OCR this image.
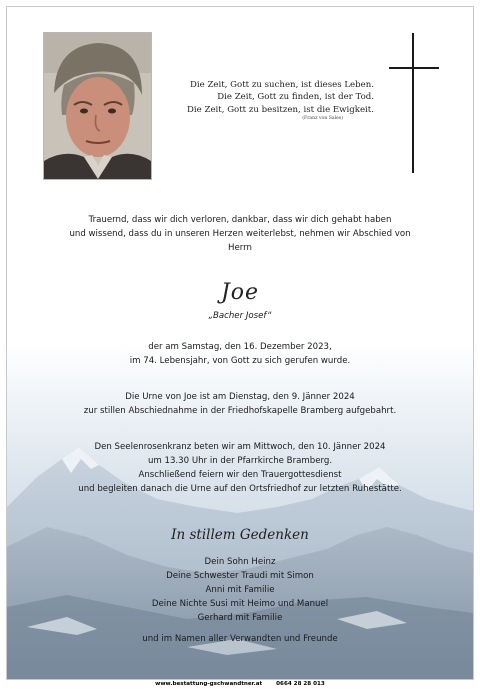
Die Zeit, Gott zu suchen, ist dieses Leben.
Die Zeit, Gott zu finden, ist der Tod.
Die Zeit, Gott zu besitzen, ist die Ewigkeit.
(Franz von Sales)
Trauernd, dass wir dich verloren, dankbar, dass wir dich gehabt haben
und wissend, dass du in unseren Herzen weiterlebst, nehmen wir Abschied von
Herrn
Joe
„Bacher Josef“
der am Samstag, den 16. Dezember 2023,
im 74. Lebensjahr, von Gott zu sich gerufen wurde.
Die Urne von Joe ist am Dienstag, den 9. Jänner 2024
zur stillen Abschiednahme in der Friedhofskapelle Bramberg aufgebahrt.
Den Seelenrosenkranz beten wir am Mittwoch, den 10. Jänner 2024
um 13.30 Uhr in der Pfarrkirche Bramberg.
Anschließend feiern wir den Trauergottesdienst
und begleiten danach die Urne auf den Ortsfriedhof zur letzten Ruhestätte.
In stillem Gedenken
Dein Sohn Heinz
Deine Schwester Traudi mit Simon
Anni mit Familie
Deine Nichte Susi mit Heimo und Manuel
Gerhard mit Familie
und im Namen aller Verwandten und Freunde
www.bestattung-gschwandtner.at 0664 28 28 013
